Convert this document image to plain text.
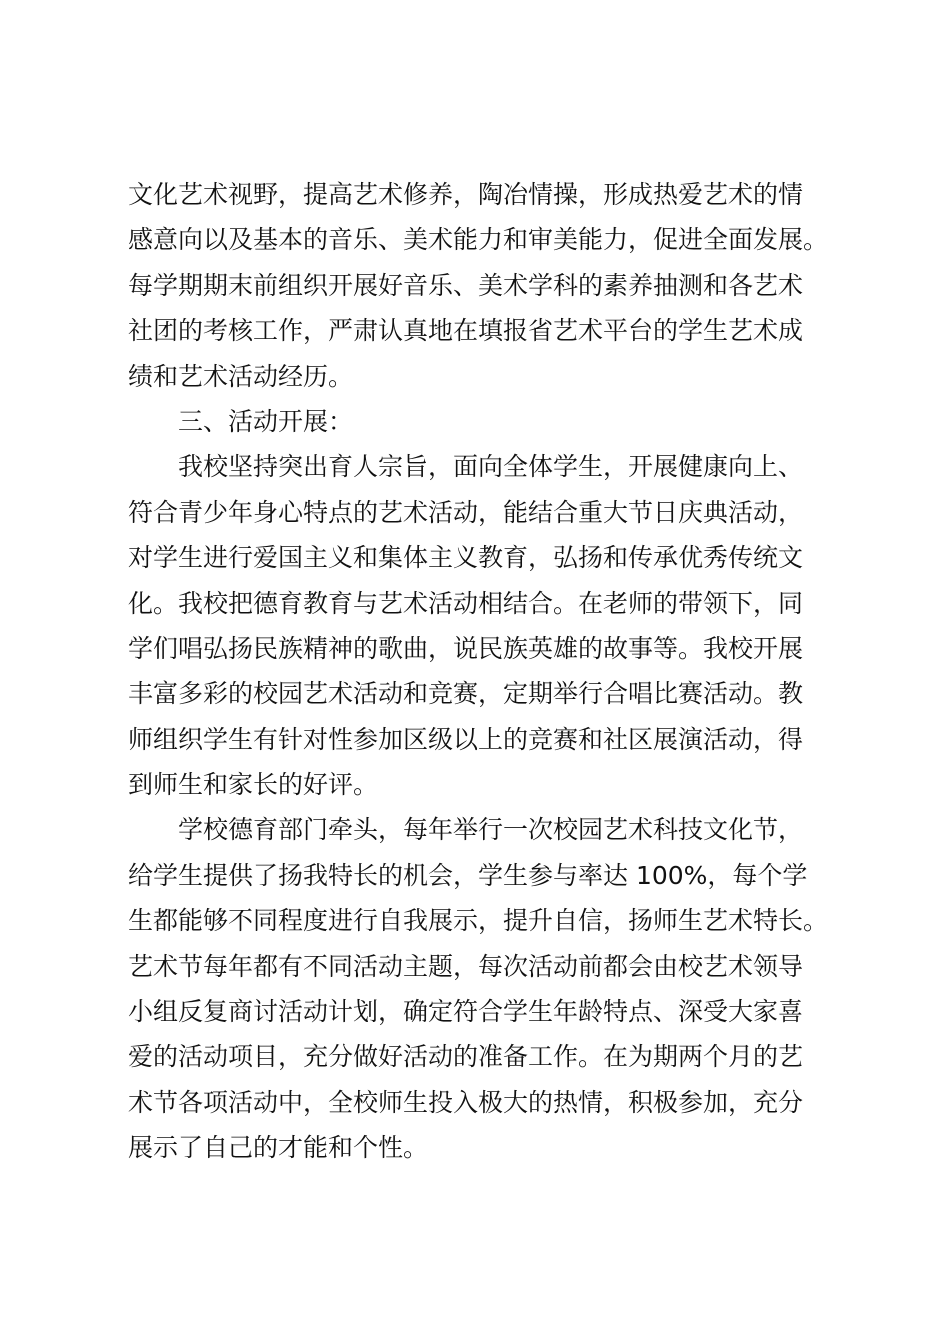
文化艺术视野，提高艺术修养，陶冶情操，形成热爱艺术的情
感意向以及基本的音乐、美术能力和审美能力，促进全面发展。
每学期期末前组织开展好音乐、美术学科的素养抽测和各艺术
社团的考核工作，严肃认真地在填报省艺术平台的学生艺术成
绩和艺术活动经历。
三、活动开展：
我校坚持突出育人宗旨，面向全体学生，开展健康向上、
符合青少年身心特点的艺术活动，能结合重大节日庆典活动，
对学生进行爱国主义和集体主义教育，弘扬和传承优秀传统文
化。我校把德育教育与艺术活动相结合。在老师的带领下，同
学们唱弘扬民族精神的歌曲，说民族英雄的故事等。我校开展
丰富多彩的校园艺术活动和竞赛，定期举行合唱比赛活动。教
师组织学生有针对性参加区级以上的竞赛和社区展演活动，得
到师生和家长的好评。
学校德育部门牵头，每年举行一次校园艺术科技文化节，
给学生提供了扬我特长的机会，学生参与率达 100%，每个学
生都能够不同程度进行自我展示，提升自信，扬师生艺术特长。
艺术节每年都有不同活动主题，每次活动前都会由校艺术领导
小组反复商讨活动计划，确定符合学生年龄特点、深受大家喜
爱的活动项目，充分做好活动的准备工作。在为期两个月的艺
术节各项活动中，全校师生投入极大的热情，积极参加，充分
展示了自己的才能和个性。
